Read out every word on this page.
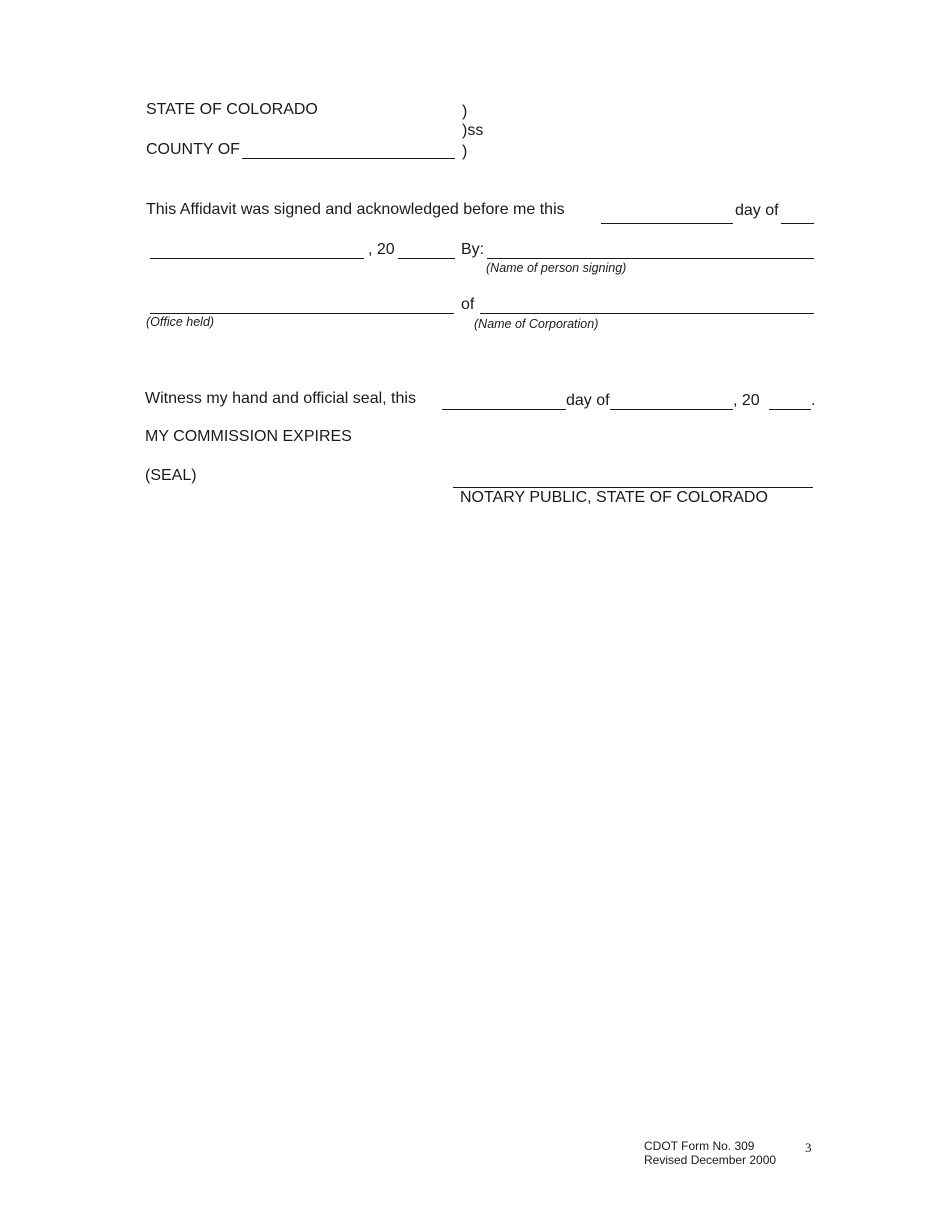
STATE OF COLORADO	)
)ss
COUNTY OF	)
This Affidavit was signed and acknowledged before me this	day of
, 20	By:
(Name of person signing)
of
(Office held)	(Name of Corporation)
Witness my hand and official seal, this	day of	, 20	.
MY COMMISSION EXPIRES
(SEAL)
NOTARY PUBLIC, STATE OF COLORADO
CDOT Form No. 309
Revised December 2000
3
